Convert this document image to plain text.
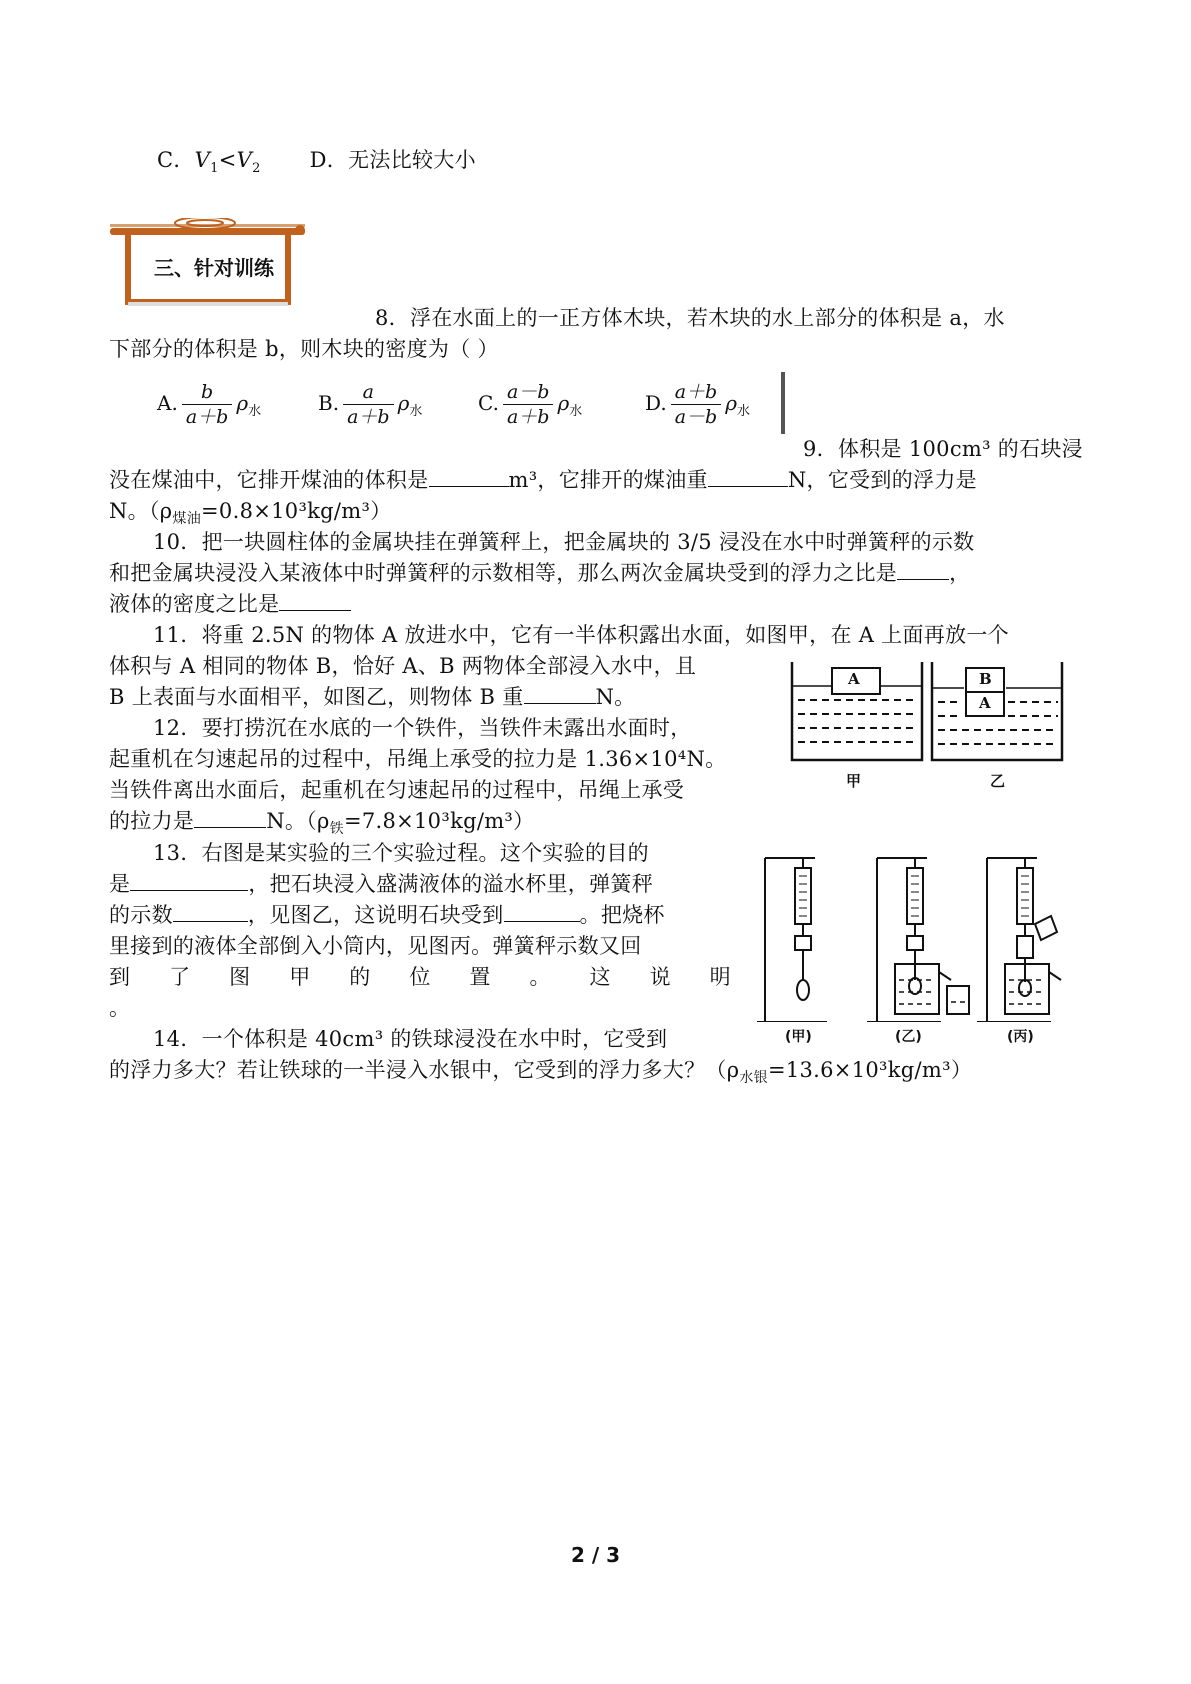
C．$V_1<V_2$ D．无法比较大小
三、针对训练
8．浮在水面上的一正方体木块，若木块的水上部分的体积是 a，水
下部分的体积是 b，则木块的密度为（ ）
A. $\frac{b}{a+b} \rho_水$	B. $\frac{a}{a+b} \rho_水$	C. $\frac{a-b}{a+b} \rho_水$	D. $\frac{a+b}{a-b} \rho_水$
9．体积是 100cm³ 的石块浸
没在煤油中，它排开煤油的体积是	m³，它排开的煤油重	N，它受到的浮力是
N。$(\rho_{煤油}=0.8\times 10^3kg/m^3)$
10．把一块圆柱体的金属块挂在弹簧秤上，把金属块的 3/5 浸没在水中时弹簧秤的示数
和把金属块浸没入某液体中时弹簧秤的示数相等，那么两次金属块受到的浮力之比是 ，
液体的密度之比是
11．将重 2.5N 的物体 A 放进水中，它有一半体积露出水面，如图甲，在 A 上面再放一个
体积与 A 相同的物体 B，恰好 A、B 两物体全部浸入水中，且
B 上表面与水面相平，如图乙，则物体 B 重	N。
A	B
A
甲	乙
12．要打捞沉在水底的一个铁件，当铁件未露出水面时，
起重机在匀速起吊的过程中，吊绳上承受的拉力是 1.36×10⁴N。
当铁件离出水面后，起重机在匀速起吊的过程中，吊绳上承受
的拉力是	N。$(\rho_铁=7.8\times 10^3kg/m^3)$
13．右图是某实验的三个实验过程。这个实验的目的
是	，把石块浸入盛满液体的溢水杯里，弹簧秤
的示数	，见图乙，这说明石块受到	。把烧杯
里接到的液体全部倒入小筒内，见图丙。弹簧秤示数又回
到 了 图 甲 的 位 置 。 这 说 明
。
(甲)	(乙)	(丙)
14．一个体积是 40cm³ 的铁球浸没在水中时，它受到
的浮力多大？若让铁球的一半浸入水银中，它受到的浮力多大？$(\rho_{水银}=13.6\times 10^3kg/m^3)$
2 / 3
